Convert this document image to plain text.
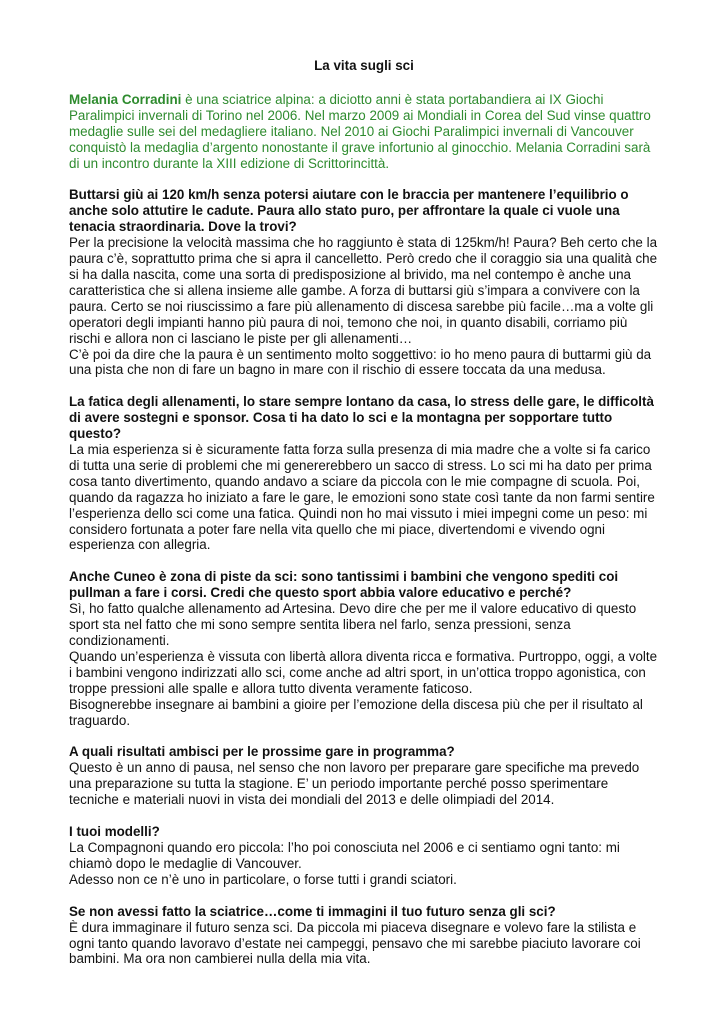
La vita sugli sci

Melania Corradini è una sciatrice alpina: a diciotto anni è stata portabandiera ai IX Giochi Paralimpici invernali di Torino nel 2006. Nel marzo 2009 ai Mondiali in Corea del Sud vinse quattro medaglie sulle sei del medagliere italiano. Nel 2010 ai Giochi Paralimpici invernali di Vancouver conquistò la medaglia d’argento nonostante il grave infortunio al ginocchio. Melania Corradini sarà di un incontro durante la XIII edizione di Scrittorincittà.

Buttarsi giù ai 120 km/h senza potersi aiutare con le braccia per mantenere l’equilibrio o anche solo attutire le cadute. Paura allo stato puro, per affrontare la quale ci vuole una tenacia straordinaria. Dove la trovi?

Per la precisione la velocità massima che ho raggiunto è stata di 125km/h! Paura? Beh certo che la paura c’è, soprattutto prima che si apra il cancelletto. Però credo che il coraggio sia una qualità che si ha dalla nascita, come una sorta di predisposizione al brivido, ma nel contempo è anche una caratteristica che si allena insieme alle gambe. A forza di buttarsi giù s’impara a convivere con la paura. Certo se noi riuscissimo a fare più allenamento di discesa sarebbe più facile…ma a volte gli operatori degli impianti hanno più paura di noi, temono che noi, in quanto disabili, corriamo più rischi e allora non ci lasciano le piste per gli allenamenti…

C’è poi da dire che la paura è un sentimento molto soggettivo: io ho meno paura di buttarmi giù da una pista che non di fare un bagno in mare con il rischio di essere toccata da una medusa.

La fatica degli allenamenti, lo stare sempre lontano da casa, lo stress delle gare, le difficoltà di avere sostegni e sponsor. Cosa ti ha dato lo sci e la montagna per sopportare tutto questo?

La mia esperienza si è sicuramente fatta forza sulla presenza di mia madre che a volte si fa carico di tutta una serie di problemi che mi genererebbero un sacco di stress. Lo sci mi ha dato per prima cosa tanto divertimento, quando andavo a sciare da piccola con le mie compagne di scuola. Poi, quando da ragazza ho iniziato a fare le gare, le emozioni sono state così tante da non farmi sentire l’esperienza dello sci come una fatica. Quindi non ho mai vissuto i miei impegni come un peso: mi considero fortunata a poter fare nella vita quello che mi piace, divertendomi e vivendo ogni esperienza con allegria.

Anche Cuneo è zona di piste da sci: sono tantissimi i bambini che vengono spediti coi pullman a fare i corsi. Credi che questo sport abbia valore educativo e perché?

Sì, ho fatto qualche allenamento ad Artesina. Devo dire che per me il valore educativo di questo sport sta nel fatto che mi sono sempre sentita libera nel farlo, senza pressioni, senza condizionamenti.

Quando un’esperienza è vissuta con libertà allora diventa ricca e formativa. Purtroppo, oggi, a volte i bambini vengono indirizzati allo sci, come anche ad altri sport, in un’ottica troppo agonistica, con troppe pressioni alle spalle e allora tutto diventa veramente faticoso.

Bisognerebbe insegnare ai bambini a gioire per l’emozione della discesa più che per il risultato al traguardo.

A quali risultati ambisci per le prossime gare in programma?

Questo è un anno di pausa, nel senso che non lavoro per preparare gare specifiche ma prevedo una preparazione su tutta la stagione. E’ un periodo importante perché posso sperimentare tecniche e materiali nuovi in vista dei mondiali del 2013 e delle olimpiadi del 2014.

I tuoi modelli?

La Compagnoni quando ero piccola: l’ho poi conosciuta nel 2006 e ci sentiamo ogni tanto: mi chiamò dopo le medaglie di Vancouver.

Adesso non ce n’è uno in particolare, o forse tutti i grandi sciatori.

Se non avessi fatto la sciatrice…come ti immagini il tuo futuro senza gli sci?

È dura immaginare il futuro senza sci. Da piccola mi piaceva disegnare e volevo fare la stilista e ogni tanto quando lavoravo d’estate nei campeggi, pensavo che mi sarebbe piaciuto lavorare coi bambini. Ma ora non cambierei nulla della mia vita.
